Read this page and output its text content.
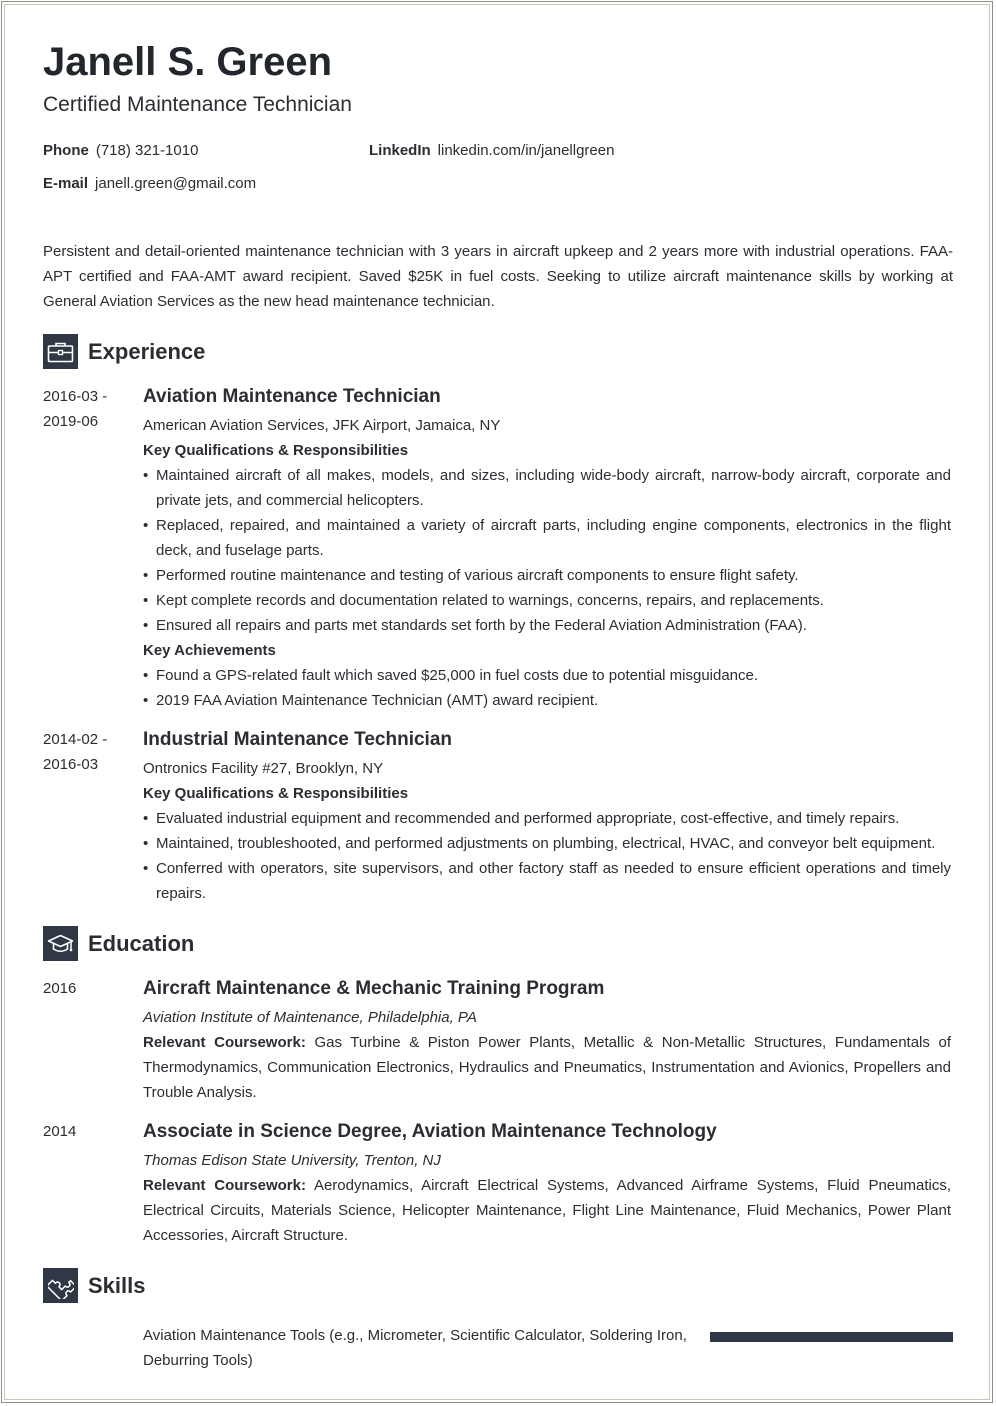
Janell S. Green
Certified Maintenance Technician
Phone (718) 321-1010	LinkedIn linkedin.com/in/janellgreen
E-mail janell.green@gmail.com
Persistent and detail-oriented maintenance technician with 3 years in aircraft upkeep and 2 years more with industrial operations. FAA-APT certified and FAA-AMT award recipient. Saved $25K in fuel costs. Seeking to utilize aircraft maintenance skills by working at General Aviation Services as the new head maintenance technician.
Experience
2016-03 -
2019-06
Aviation Maintenance Technician
American Aviation Services, JFK Airport, Jamaica, NY
Key Qualifications & Responsibilities
• Maintained aircraft of all makes, models, and sizes, including wide-body aircraft, narrow-body aircraft, corporate and private jets, and commercial helicopters.
• Replaced, repaired, and maintained a variety of aircraft parts, including engine components, electronics in the flight deck, and fuselage parts.
• Performed routine maintenance and testing of various aircraft components to ensure flight safety.
• Kept complete records and documentation related to warnings, concerns, repairs, and replacements.
• Ensured all repairs and parts met standards set forth by the Federal Aviation Administration (FAA).
Key Achievements
• Found a GPS-related fault which saved $25,000 in fuel costs due to potential misguidance.
• 2019 FAA Aviation Maintenance Technician (AMT) award recipient.
2014-02 -
2016-03
Industrial Maintenance Technician
Ontronics Facility #27, Brooklyn, NY
Key Qualifications & Responsibilities
• Evaluated industrial equipment and recommended and performed appropriate, cost-effective, and timely repairs.
• Maintained, troubleshooted, and performed adjustments on plumbing, electrical, HVAC, and conveyor belt equipment.
• Conferred with operators, site supervisors, and other factory staff as needed to ensure efficient operations and timely repairs.
Education
2016	Aircraft Maintenance & Mechanic Training Program
Aviation Institute of Maintenance, Philadelphia, PA
Relevant Coursework: Gas Turbine & Piston Power Plants, Metallic & Non-Metallic Structures, Fundamentals of Thermodynamics, Communication Electronics, Hydraulics and Pneumatics, Instrumentation and Avionics, Propellers and Trouble Analysis.
2014	Associate in Science Degree, Aviation Maintenance Technology
Thomas Edison State University, Trenton, NJ
Relevant Coursework: Aerodynamics, Aircraft Electrical Systems, Advanced Airframe Systems, Fluid Pneumatics, Electrical Circuits, Materials Science, Helicopter Maintenance, Flight Line Maintenance, Fluid Mechanics, Power Plant Accessories, Aircraft Structure.
Skills
Aviation Maintenance Tools (e.g., Micrometer, Scientific Calculator, Soldering Iron, Deburring Tools)
